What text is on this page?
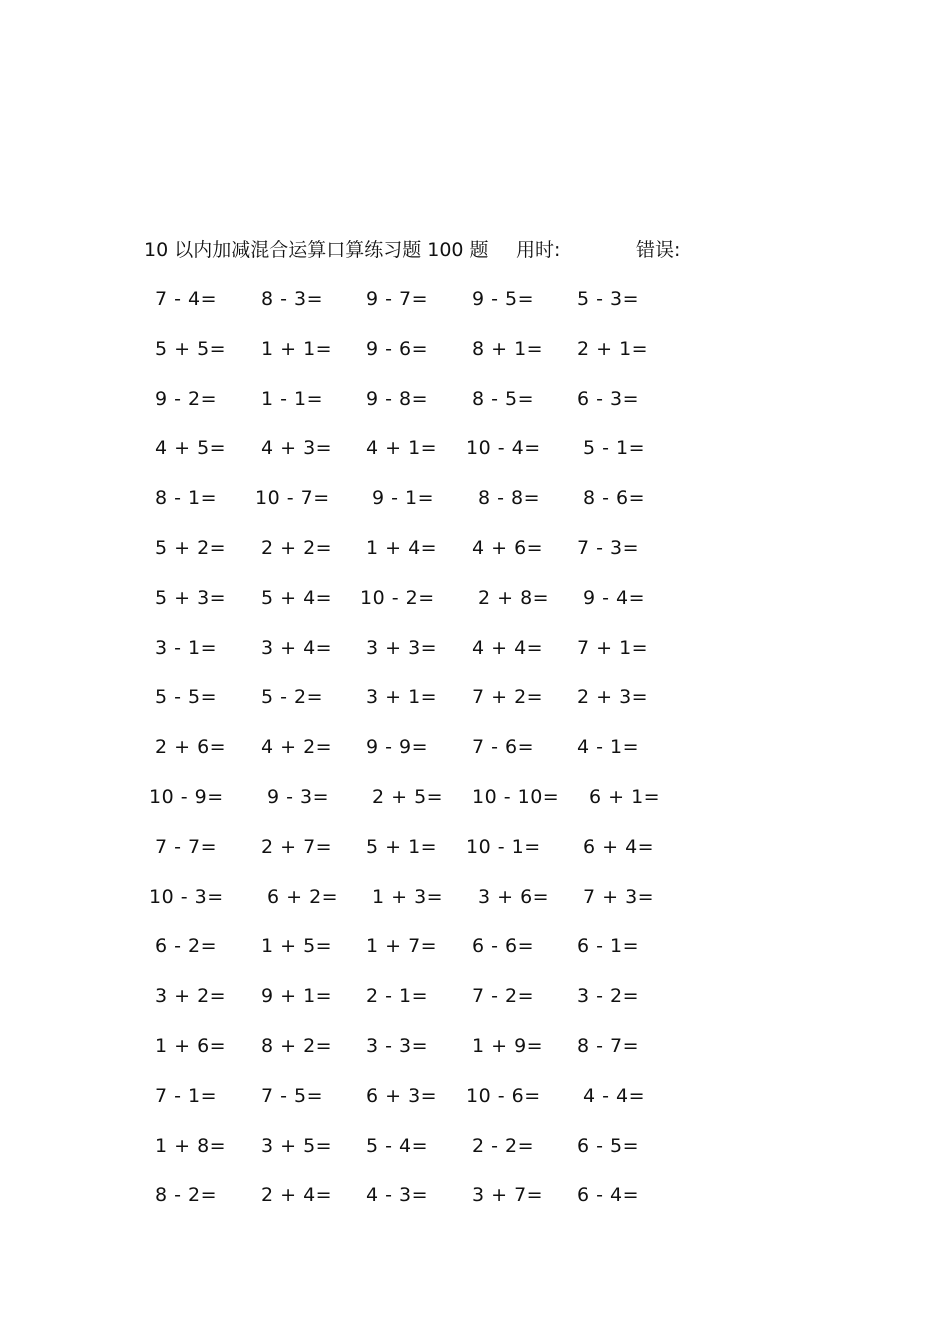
10 以内加减混合运算口算练习题 100 题 用时:	错误:
7 - 4= 8 - 3= 9 - 7= 9 - 5= 5 - 3=
5 + 5= 1 + 1= 9 - 6= 8 + 1= 2 + 1=
9 - 2= 1 - 1= 9 - 8= 8 - 5= 6 - 3=
4 + 5= 4 + 3= 4 + 1= 10 - 4= 5 - 1=
8 - 1= 10 - 7= 9 - 1= 8 - 8= 8 - 6=
5 + 2= 2 + 2= 1 + 4= 4 + 6= 7 - 3=
5 + 3= 5 + 4= 10 - 2= 2 + 8= 9 - 4=
3 - 1= 3 + 4= 3 + 3= 4 + 4= 7 + 1=
5 - 5= 5 - 2= 3 + 1= 7 + 2= 2 + 3=
2 + 6= 4 + 2= 9 - 9= 7 - 6= 4 - 1=
10 - 9= 9 - 3= 2 + 5= 10 - 10= 6 + 1=
7 - 7= 2 + 7= 5 + 1= 10 - 1= 6 + 4=
10 - 3= 6 + 2= 1 + 3= 3 + 6= 7 + 3=
6 - 2= 1 + 5= 1 + 7= 6 - 6= 6 - 1=
3 + 2= 9 + 1= 2 - 1= 7 - 2= 3 - 2=
1 + 6= 8 + 2= 3 - 3= 1 + 9= 8 - 7=
7 - 1= 7 - 5= 6 + 3= 10 - 6= 4 - 4=
1 + 8= 3 + 5= 5 - 4= 2 - 2= 6 - 5=
8 - 2= 2 + 4= 4 - 3= 3 + 7= 6 - 4=
